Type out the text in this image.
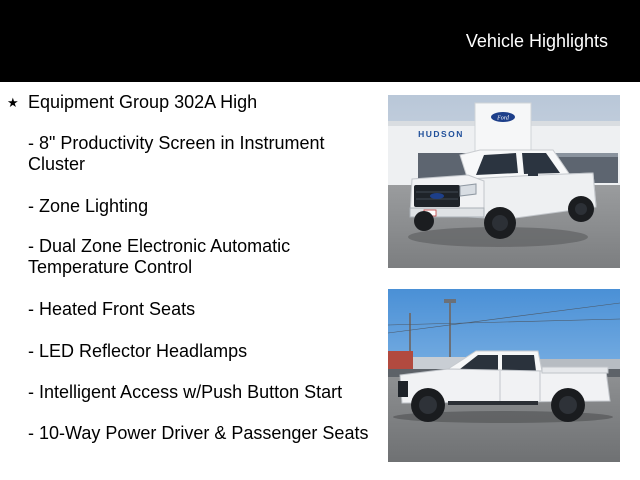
Vehicle Highlights
★ Equipment Group 302A High
- 8" Productivity Screen in Instrument Cluster
- Zone Lighting
- Dual Zone Electronic Automatic Temperature Control
- Heated Front Seats
- LED Reflector Headlamps
- Intelligent Access w/Push Button Start
- 10-Way Power Driver & Passenger Seats
Ford
HUDSON
